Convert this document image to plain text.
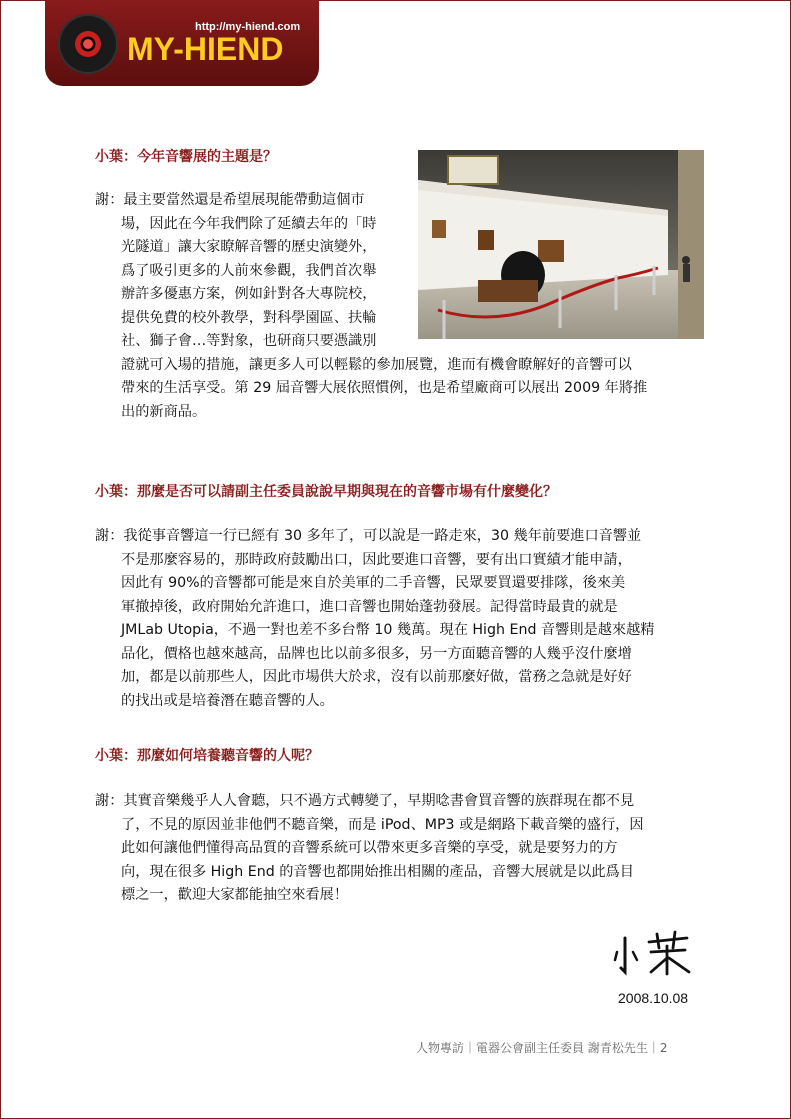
http://my-hiend.com
MY-HIEND
小葉：今年音響展的主題是？
謝：最主要當然還是希望展現能帶動這個市
場，因此在今年我們除了延續去年的「時
光隧道」讓大家瞭解音響的歷史演變外，
爲了吸引更多的人前來參觀，我們首次舉
辦許多優惠方案，例如針對各大專院校，
提供免費的校外教學，對科學園區、扶輪
社、獅子會…等對象，也研商只要憑識別
證就可入場的措施，讓更多人可以輕鬆的參加展覽，進而有機會瞭解好的音響可以
帶來的生活享受。第 29 屆音響大展依照慣例，也是希望廠商可以展出 2009 年將推
出的新商品。
小葉：那麼是否可以請副主任委員說說早期與現在的音響市場有什麼變化？
謝：我從事音響這一行已經有 30 多年了，可以說是一路走來，30 幾年前要進口音響並
不是那麼容易的，那時政府鼓勵出口，因此要進口音響，要有出口實績才能申請，
因此有 90%的音響都可能是來自於美軍的二手音響，民眾要買還要排隊，後來美
軍撤掉後，政府開始允許進口，進口音響也開始蓬勃發展。記得當時最貴的就是
JMLab Utopia，不過一對也差不多台幣 10 幾萬。現在 High End 音響則是越來越精
品化，價格也越來越高，品牌也比以前多很多，另一方面聽音響的人幾乎沒什麼增
加，都是以前那些人，因此市場供大於求，沒有以前那麼好做，當務之急就是好好
的找出或是培養潛在聽音響的人。
小葉：那麼如何培養聽音響的人呢？
謝：其實音樂幾乎人人會聽，只不過方式轉變了，早期唸書會買音響的族群現在都不見
了，不見的原因並非他們不聽音樂，而是 iPod、MP3 或是網路下載音樂的盛行，因
此如何讓他們懂得高品質的音響系統可以帶來更多音樂的享受，就是要努力的方
向，現在很多 High End 的音響也都開始推出相關的產品，音響大展就是以此爲目
標之一，歡迎大家都能抽空來看展！
2008.10.08
人物專訪｜電器公會副主任委員 謝青松先生｜2
